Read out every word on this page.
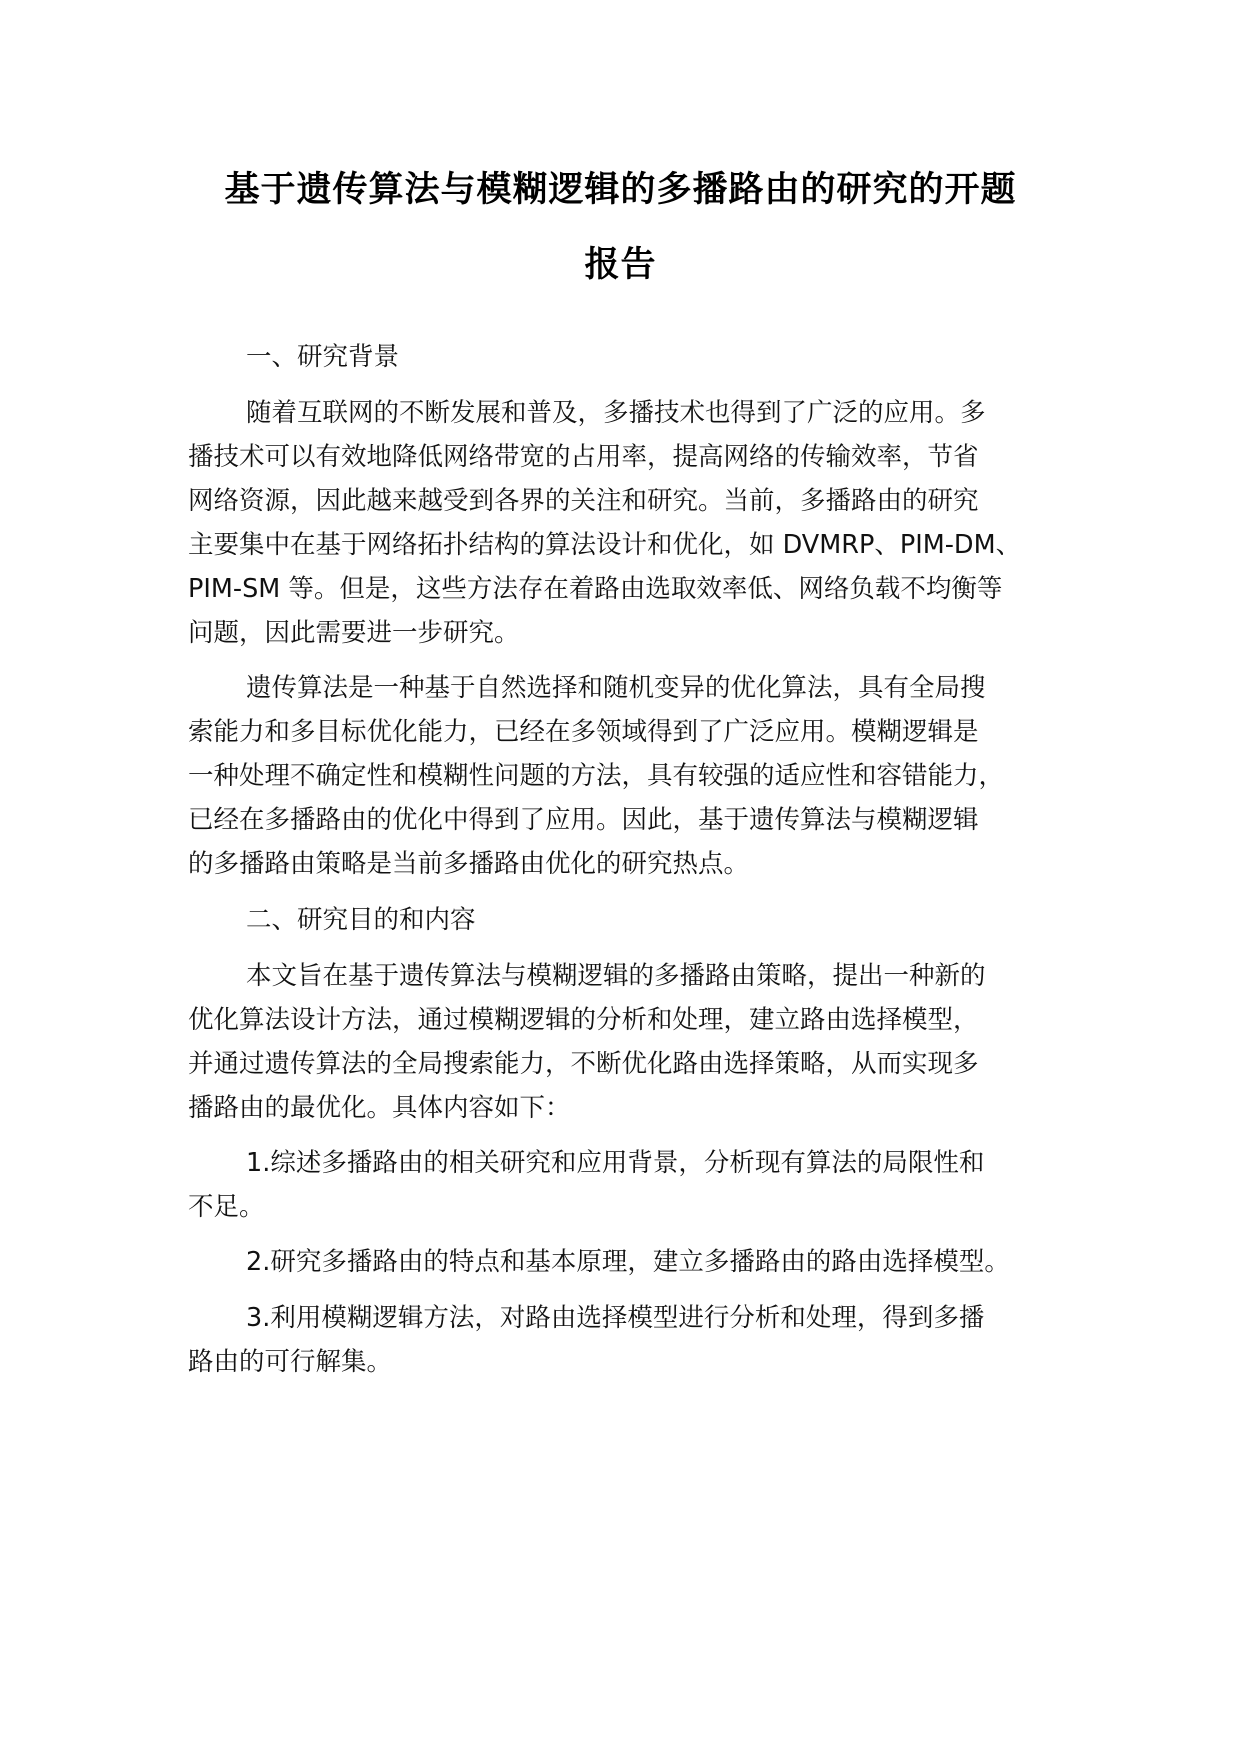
基于遗传算法与模糊逻辑的多播路由的研究的开题
报告
一、研究背景
随着互联网的不断发展和普及，多播技术也得到了广泛的应用。多
播技术可以有效地降低网络带宽的占用率，提高网络的传输效率，节省
网络资源，因此越来越受到各界的关注和研究。当前，多播路由的研究
主要集中在基于网络拓扑结构的算法设计和优化，如 DVMRP、PIM-DM、
PIM-SM 等。但是，这些方法存在着路由选取效率低、网络负载不均衡等
问题，因此需要进一步研究。
遗传算法是一种基于自然选择和随机变异的优化算法，具有全局搜
索能力和多目标优化能力，已经在多领域得到了广泛应用。模糊逻辑是
一种处理不确定性和模糊性问题的方法，具有较强的适应性和容错能力，
已经在多播路由的优化中得到了应用。因此，基于遗传算法与模糊逻辑
的多播路由策略是当前多播路由优化的研究热点。
二、研究目的和内容
本文旨在基于遗传算法与模糊逻辑的多播路由策略，提出一种新的
优化算法设计方法，通过模糊逻辑的分析和处理，建立路由选择模型，
并通过遗传算法的全局搜索能力，不断优化路由选择策略，从而实现多
播路由的最优化。具体内容如下：
1.综述多播路由的相关研究和应用背景，分析现有算法的局限性和
不足。
2.研究多播路由的特点和基本原理，建立多播路由的路由选择模型。
3.利用模糊逻辑方法，对路由选择模型进行分析和处理，得到多播
路由的可行解集。
